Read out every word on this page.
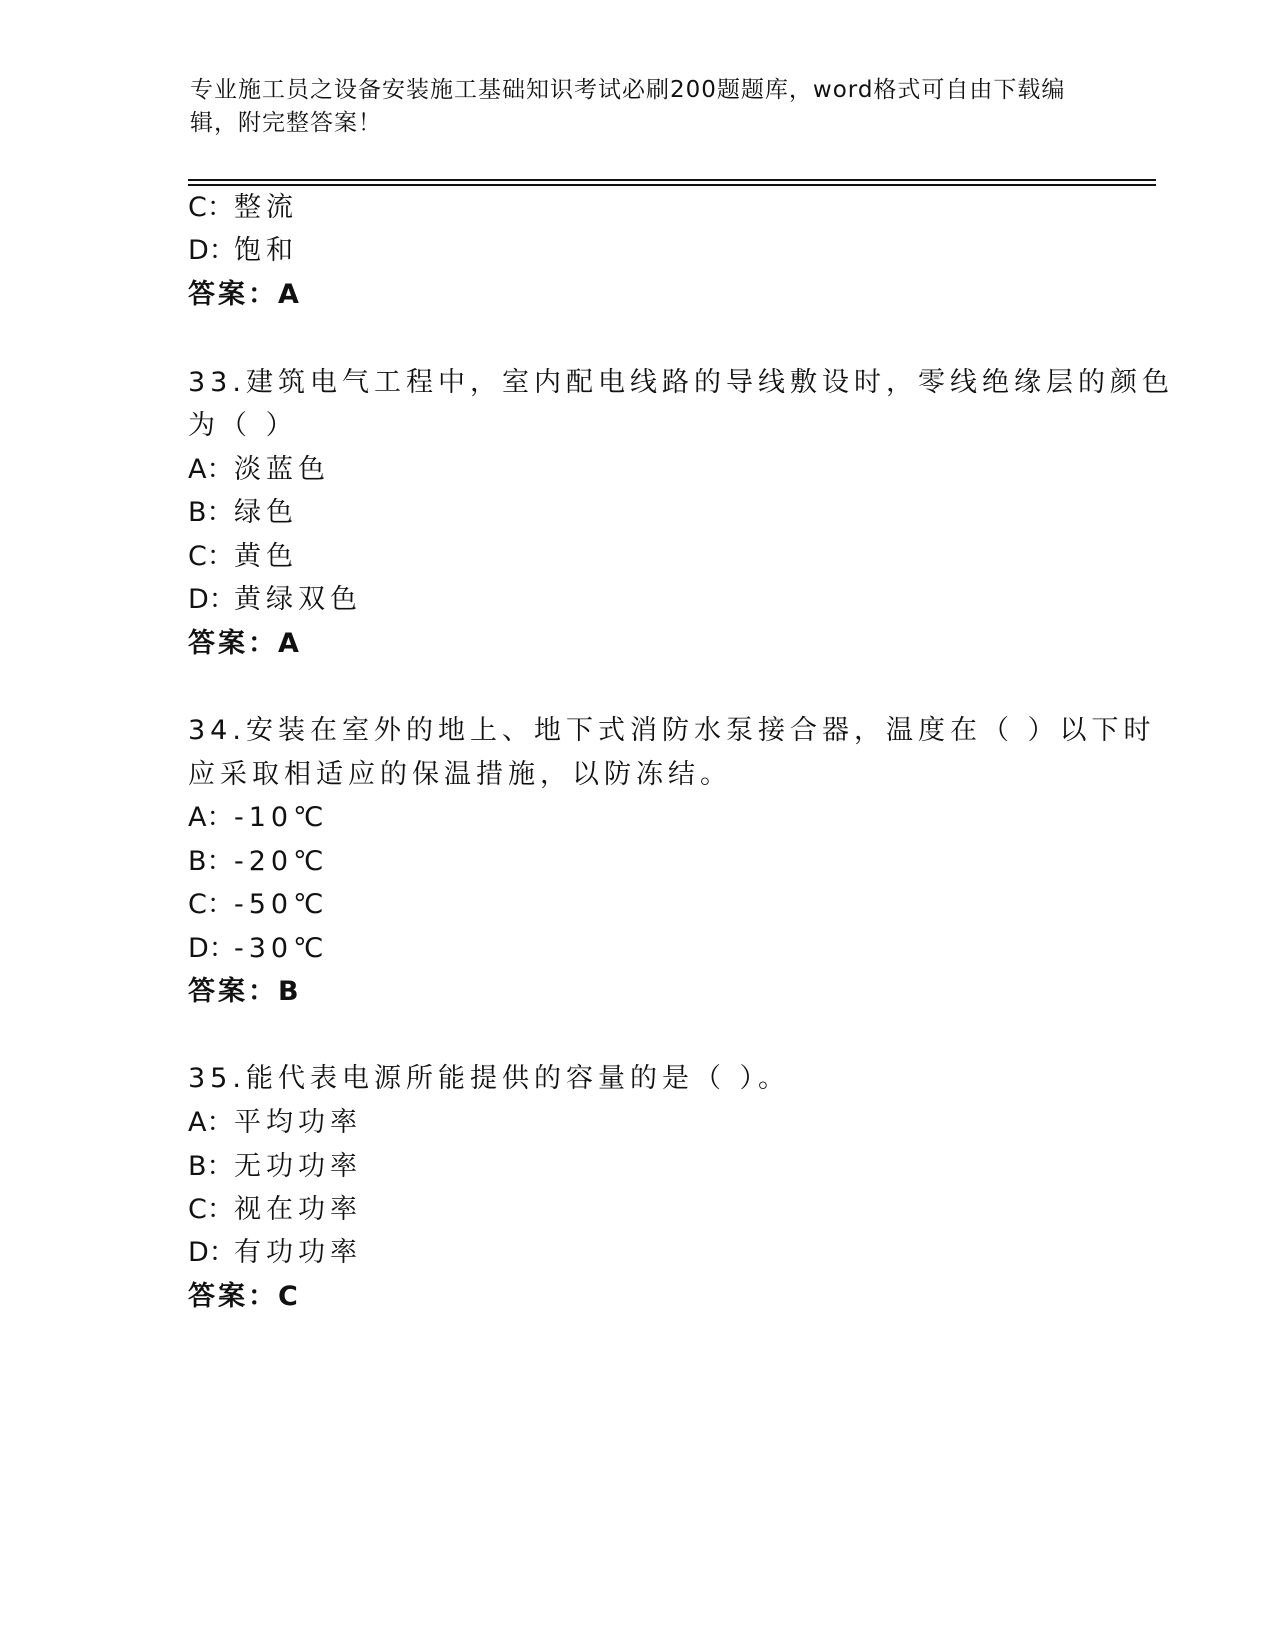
专业施工员之设备安装施工基础知识考试必刷200题题库，word格式可自由下载编辑，附完整答案！
C：整流
D：饱和
答案：A
33.建筑电气工程中，室内配电线路的导线敷设时，零线绝缘层的颜色
为（ ）
A：淡蓝色
B：绿色
C：黄色
D：黄绿双色
答案：A
34.安装在室外的地上、地下式消防水泵接合器，温度在（ ）以下时
应采取相适应的保温措施，以防冻结。
A：-10℃
B：-20℃
C：-50℃
D：-30℃
答案：B
35.能代表电源所能提供的容量的是（ ）。
A：平均功率
B：无功功率
C：视在功率
D：有功功率
答案：C
